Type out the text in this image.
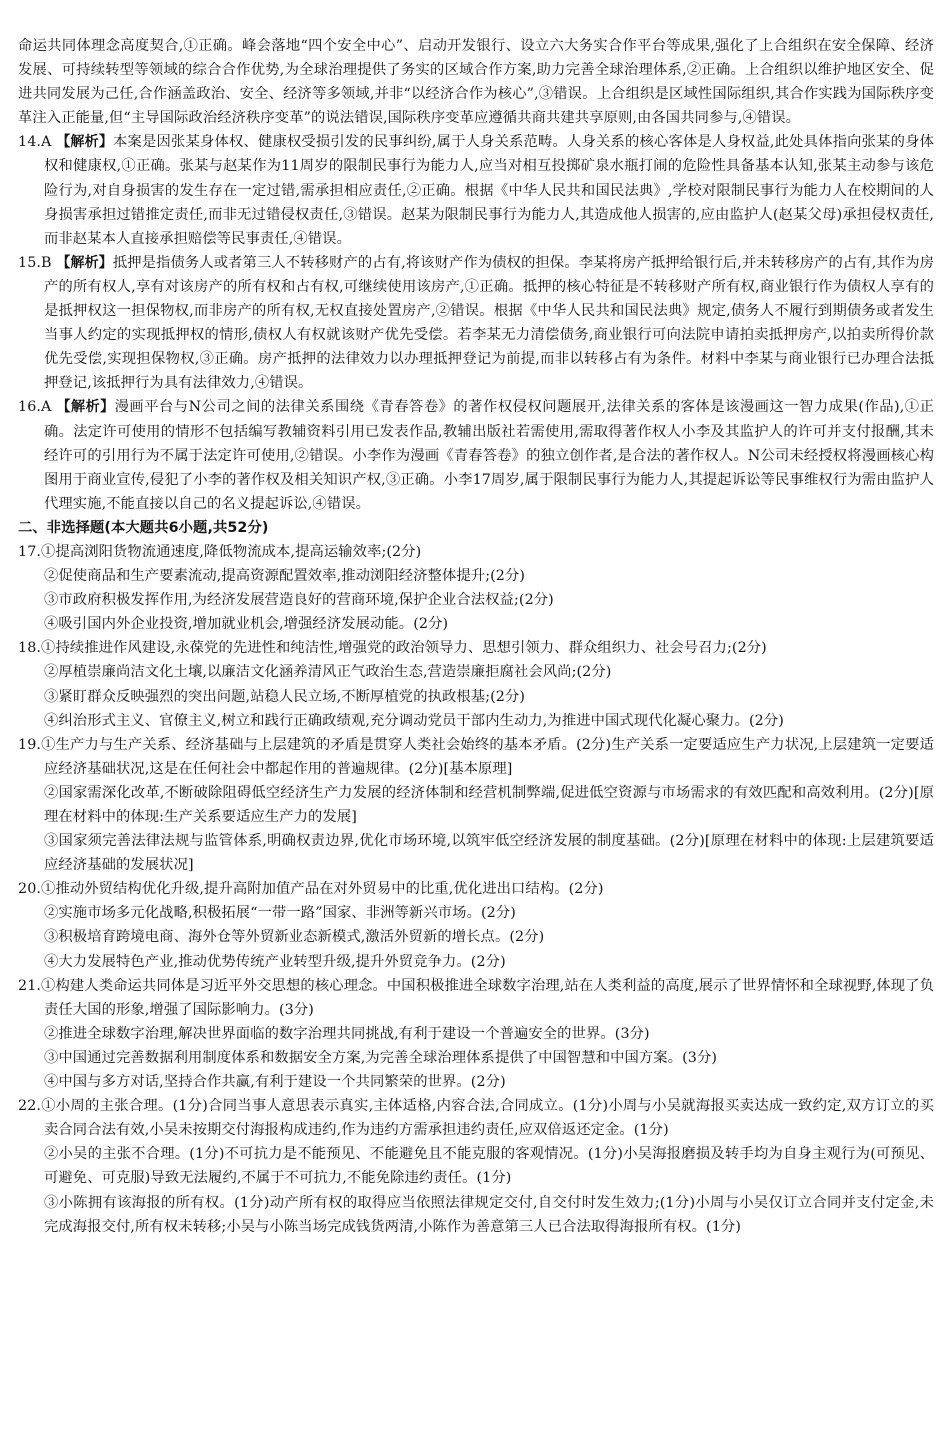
命运共同体理念高度契合,①正确。峰会落地“四个安全中心”、启动开发银行、设立六大务实合作平台等成果,强化了上合组织在安全保障、经济发展、可持续转型等领域的综合合作优势,为全球治理提供了务实的区域合作方案,助力完善全球治理体系,②正确。上合组织以维护地区安全、促进共同发展为己任,合作涵盖政治、安全、经济等多领域,并非“以经济合作为核心”,③错误。上合组织是区域性国际组织,其合作实践为国际秩序变革注入正能量,但“主导国际政治经济秩序变革”的说法错误,国际秩序变革应遵循共商共建共享原则,由各国共同参与,④错误。

14.A 【解析】本案是因张某身体权、健康权受损引发的民事纠纷,属于人身关系范畴。人身关系的核心客体是人身权益,此处具体指向张某的身体权和健康权,①正确。张某与赵某作为11周岁的限制民事行为能力人,应当对相互投掷矿泉水瓶打闹的危险性具备基本认知,张某主动参与该危险行为,对自身损害的发生存在一定过错,需承担相应责任,②正确。根据《中华人民共和国民法典》,学校对限制民事行为能力人在校期间的人身损害承担过错推定责任,而非无过错侵权责任,③错误。赵某为限制民事行为能力人,其造成他人损害的,应由监护人(赵某父母)承担侵权责任,而非赵某本人直接承担赔偿等民事责任,④错误。

15.B 【解析】抵押是指债务人或者第三人不转移财产的占有,将该财产作为债权的担保。李某将房产抵押给银行后,并未转移房产的占有,其作为房产的所有权人,享有对该房产的所有权和占有权,可继续使用该房产,①正确。抵押的核心特征是不转移财产所有权,商业银行作为债权人享有的是抵押权这一担保物权,而非房产的所有权,无权直接处置房产,②错误。根据《中华人民共和国民法典》规定,债务人不履行到期债务或者发生当事人约定的实现抵押权的情形,债权人有权就该财产优先受偿。若李某无力清偿债务,商业银行可向法院申请拍卖抵押房产,以拍卖所得价款优先受偿,实现担保物权,③正确。房产抵押的法律效力以办理抵押登记为前提,而非以转移占有为条件。材料中李某与商业银行已办理合法抵押登记,该抵押行为具有法律效力,④错误。

16.A 【解析】漫画平台与N公司之间的法律关系围绕《青春答卷》的著作权侵权问题展开,法律关系的客体是该漫画这一智力成果(作品),①正确。法定许可使用的情形不包括编写教辅资料引用已发表作品,教辅出版社若需使用,需取得著作权人小李及其监护人的许可并支付报酬,其未经许可的引用行为不属于法定许可使用,②错误。小李作为漫画《青春答卷》的独立创作者,是合法的著作权人。N公司未经授权将漫画核心构图用于商业宣传,侵犯了小李的著作权及相关知识产权,③正确。小李17周岁,属于限制民事行为能力人,其提起诉讼等民事维权行为需由监护人代理实施,不能直接以自己的名义提起诉讼,④错误。

二、非选择题(本大题共6小题,共52分)

17.①提高浏阳货物流通速度,降低物流成本,提高运输效率;(2分)

②促使商品和生产要素流动,提高资源配置效率,推动浏阳经济整体提升;(2分)

③市政府积极发挥作用,为经济发展营造良好的营商环境,保护企业合法权益;(2分)

④吸引国内外企业投资,增加就业机会,增强经济发展动能。(2分)

18.①持续推进作风建设,永葆党的先进性和纯洁性,增强党的政治领导力、思想引领力、群众组织力、社会号召力;(2分)

②厚植崇廉尚洁文化土壤,以廉洁文化涵养清风正气政治生态,营造崇廉拒腐社会风尚;(2分)

③紧盯群众反映强烈的突出问题,站稳人民立场,不断厚植党的执政根基;(2分)

④纠治形式主义、官僚主义,树立和践行正确政绩观,充分调动党员干部内生动力,为推进中国式现代化凝心聚力。(2分)

19.①生产力与生产关系、经济基础与上层建筑的矛盾是贯穿人类社会始终的基本矛盾。(2分)生产关系一定要适应生产力状况,上层建筑一定要适应经济基础状况,这是在任何社会中都起作用的普遍规律。(2分)[基本原理]

②国家需深化改革,不断破除阻碍低空经济生产力发展的经济体制和经营机制弊端,促进低空资源与市场需求的有效匹配和高效利用。(2分)[原理在材料中的体现:生产关系要适应生产力的发展]

③国家须完善法律法规与监管体系,明确权责边界,优化市场环境,以筑牢低空经济发展的制度基础。(2分)[原理在材料中的体现:上层建筑要适应经济基础的发展状况]

20.①推动外贸结构优化升级,提升高附加值产品在对外贸易中的比重,优化进出口结构。(2分)

②实施市场多元化战略,积极拓展“一带一路”国家、非洲等新兴市场。(2分)

③积极培育跨境电商、海外仓等外贸新业态新模式,激活外贸新的增长点。(2分)

④大力发展特色产业,推动优势传统产业转型升级,提升外贸竞争力。(2分)

21.①构建人类命运共同体是习近平外交思想的核心理念。中国积极推进全球数字治理,站在人类利益的高度,展示了世界情怀和全球视野,体现了负责任大国的形象,增强了国际影响力。(3分)

②推进全球数字治理,解决世界面临的数字治理共同挑战,有利于建设一个普遍安全的世界。(3分)

③中国通过完善数据利用制度体系和数据安全方案,为完善全球治理体系提供了中国智慧和中国方案。(3分)

④中国与多方对话,坚持合作共赢,有利于建设一个共同繁荣的世界。(2分)

22.①小周的主张合理。(1分)合同当事人意思表示真实,主体适格,内容合法,合同成立。(1分)小周与小吴就海报买卖达成一致约定,双方订立的买卖合同合法有效,小吴未按期交付海报构成违约,作为违约方需承担违约责任,应双倍返还定金。(1分)

②小吴的主张不合理。(1分)不可抗力是不能预见、不能避免且不能克服的客观情况。(1分)小吴海报磨损及转手均为自身主观行为(可预见、可避免、可克服)导致无法履约,不属于不可抗力,不能免除违约责任。(1分)

③小陈拥有该海报的所有权。(1分)动产所有权的取得应当依照法律规定交付,自交付时发生效力;(1分)小周与小吴仅订立合同并支付定金,未完成海报交付,所有权未转移;小吴与小陈当场完成钱货两清,小陈作为善意第三人已合法取得海报所有权。(1分)
